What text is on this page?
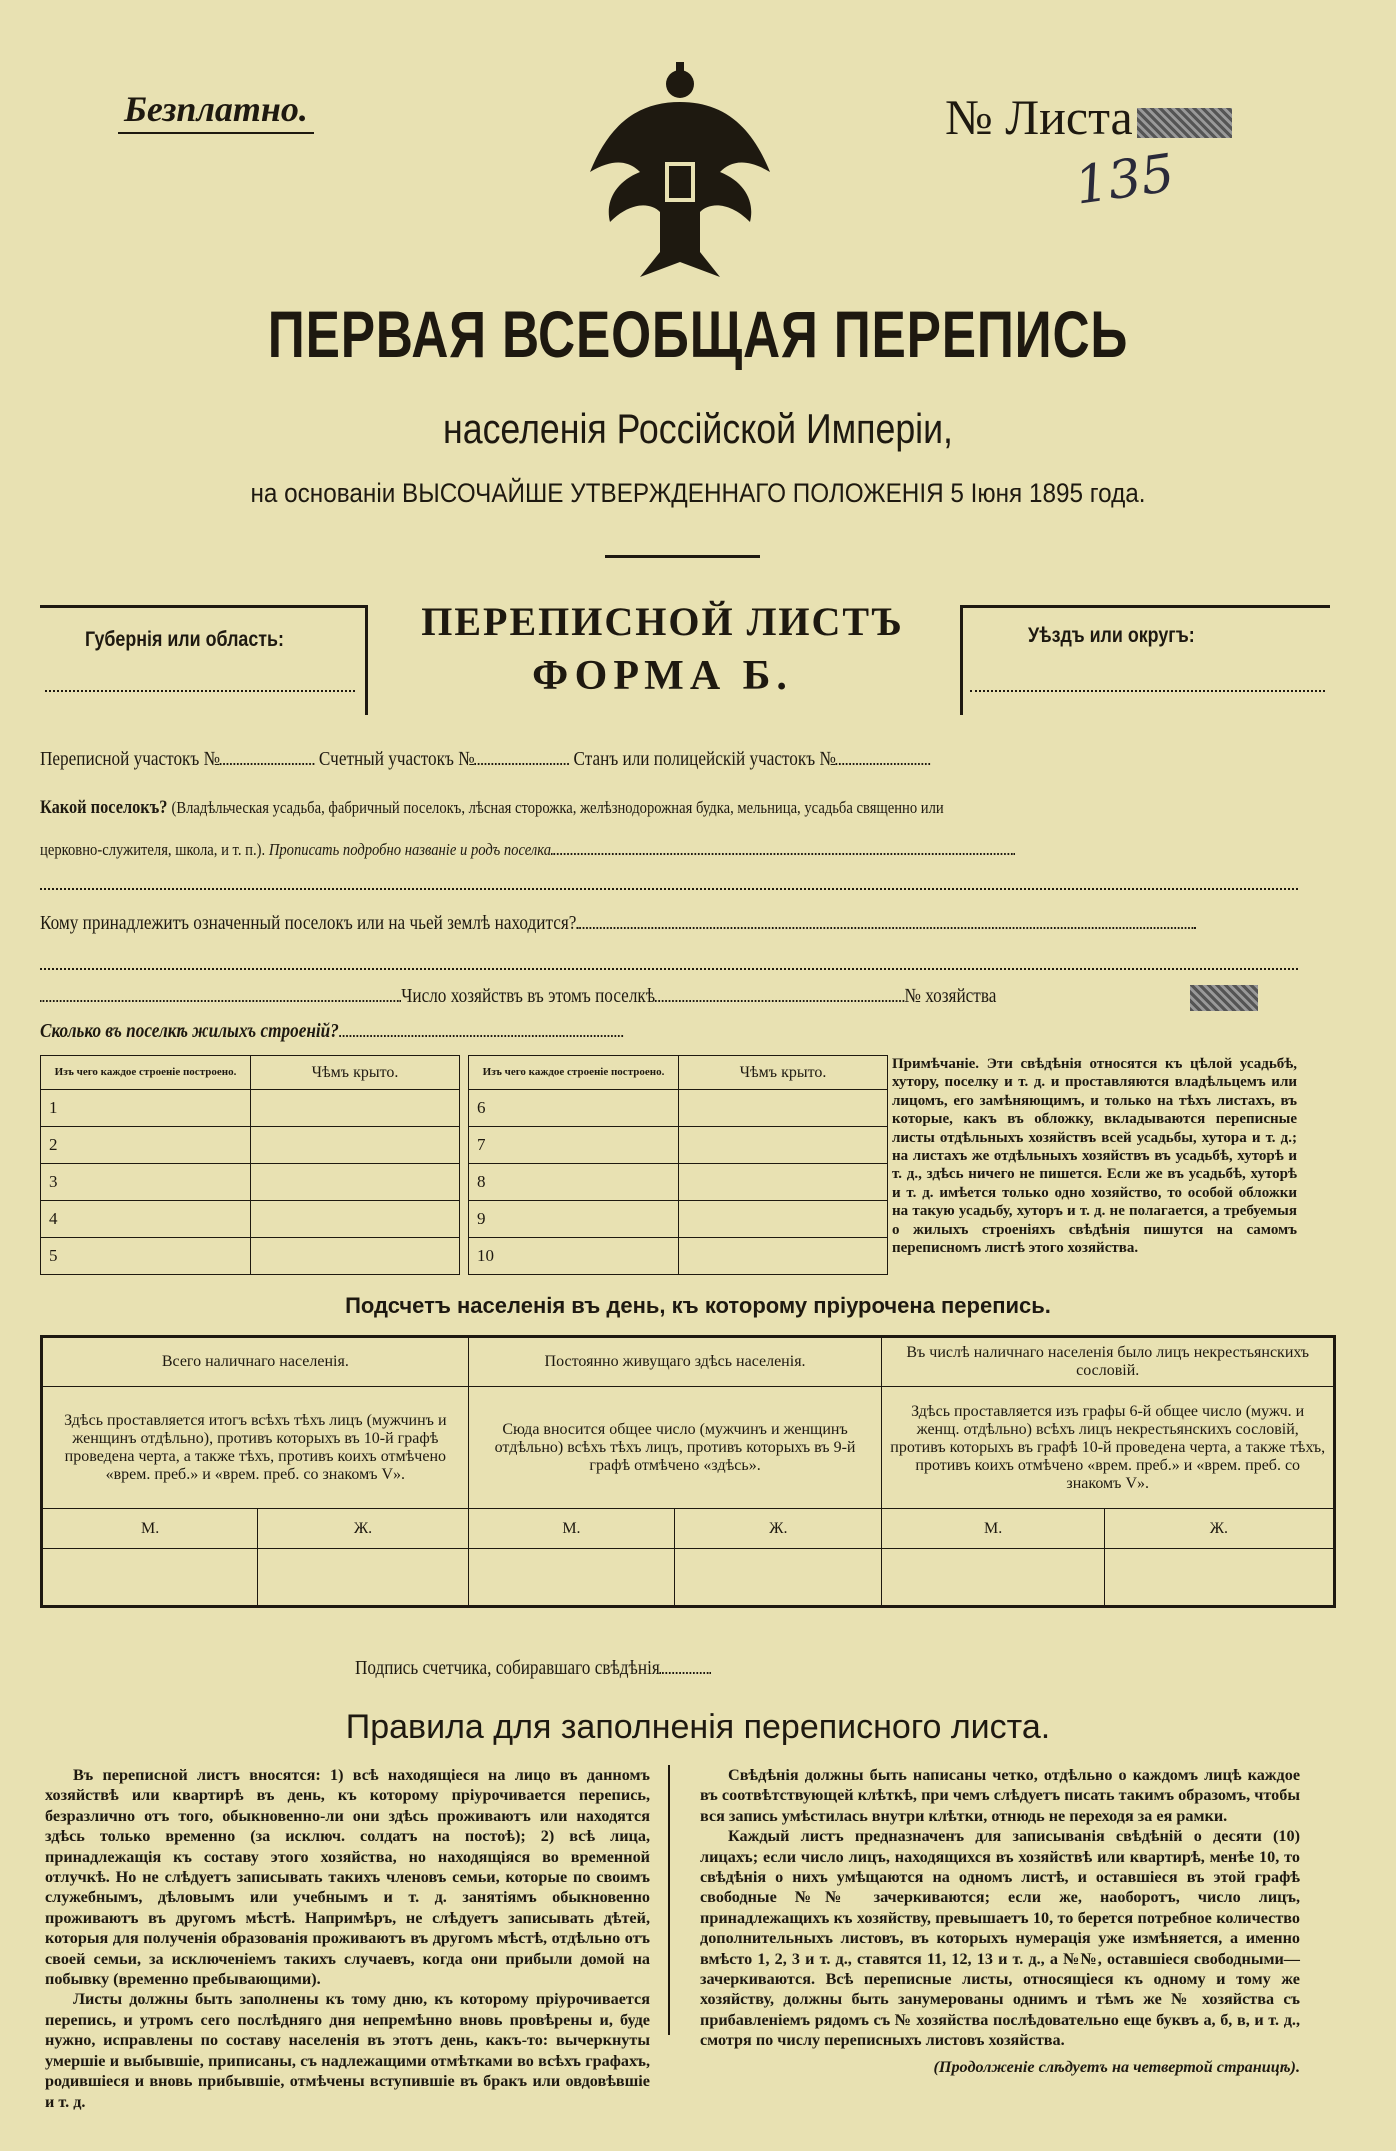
Безплатно.	№ Листа
135
ПЕРВАЯ ВСЕОБЩАЯ ПЕРЕПИСЬ
населенія Россійской Имперіи,
на основаніи ВЫСОЧАЙШЕ УТВЕРЖДЕННАГО ПОЛОЖЕНІЯ 5 Іюня 1895 года.
Губернія или область:	Уѣздъ или округъ:
ПЕРЕПИСНОЙ ЛИСТЪ
ФОРМА Б.
Переписной участокъ №	Счетный участокъ №	Станъ или полицейскій участокъ №
Какой поселокъ? (Владѣльческая усадьба, фабричный поселокъ, лѣсная сторожка, желѣзнодорожная будка, мельница, усадьба священно или
церковно-служителя, школа, и т. п.). Прописать подробно названіе и родъ поселка
Кому принадлежитъ означенный поселокъ или на чьей землѣ находится?
Число хозяйствъ въ этомъ поселкѣ	№ хозяйства
Сколько въ поселкѣ жилыхъ строеній?
Изъ чего каждое строеніе построено.	Чѣмъ крыто.
1	
2	
3	
4	
5	
Изъ чего каждое строеніе построено.	Чѣмъ крыто.
6	
7	
8	
9	
10	
Примѣчаніе. Эти свѣдѣнія относятся къ цѣлой усадьбѣ, хутору, поселку и т. д. и проставляются владѣльцемъ или лицомъ, его замѣняющимъ, и только на тѣхъ листахъ, въ которые, какъ въ обложку, вкладываются переписные листы отдѣльныхъ хозяйствъ всей усадьбы, хутора и т. д.; на листахъ же отдѣльныхъ хозяйствъ въ усадьбѣ, хуторѣ и т. д., здѣсь ничего не пишется. Если же въ усадьбѣ, хуторѣ и т. д. имѣется только одно хозяйство, то особой обложки на такую усадьбу, хуторъ и т. д. не полагается, а требуемыя о жилыхъ строеніяхъ свѣдѣнія пишутся на самомъ переписномъ листѣ этого хозяйства.
Подсчетъ населенія въ день, къ которому пріурочена перепись.
Всего наличнаго населенія.		Постоянно живущаго здѣсь населенія.		Въ числѣ наличнаго населенія было лицъ некрестьянскихъ сословій.	
Здѣсь проставляется итогъ всѣхъ тѣхъ лицъ (мужчинъ и женщинъ отдѣльно), противъ которыхъ въ 10-й графѣ проведена черта, а также тѣхъ, противъ коихъ отмѣчено «врем. преб.» и «врем. преб. со знакомъ V».		Сюда вносится общее число (мужчинъ и женщинъ отдѣльно) всѣхъ тѣхъ лицъ, противъ которыхъ въ 9-й графѣ отмѣчено «здѣсь».		Здѣсь проставляется изъ графы 6-й общее число (мужч. и женщ. отдѣльно) всѣхъ лицъ некрестьянскихъ сословій, противъ которыхъ въ графѣ 10-й проведена черта, а также тѣхъ, противъ коихъ отмѣчено «врем. преб.» и «врем. преб. со знакомъ V».	
М.	Ж.	М.	Ж.	М.	Ж.

Подпись счетчика, собиравшаго свѣдѣнія
Правила для заполненія переписного листа.

Въ переписной листъ вносятся: 1) всѣ находящіеся на лицо въ данномъ хозяйствѣ или квартирѣ въ день, къ которому пріурочивается перепись, безразлично отъ того, обыкновенно-ли они здѣсь проживаютъ или находятся здѣсь только временно (за исключ. солдатъ на постоѣ); 2) всѣ лица, принадлежащія къ составу этого хозяйства, но находящіяся во временной отлучкѣ. Но не слѣдуетъ записывать такихъ членовъ семьи, которые по своимъ служебнымъ, дѣловымъ или учебнымъ и т. д. занятіямъ обыкновенно проживаютъ въ другомъ мѣстѣ. Напримѣръ, не слѣдуетъ записывать дѣтей, которыя для полученія образованія проживаютъ въ другомъ мѣстѣ, отдѣльно отъ своей семьи, за исключеніемъ такихъ случаевъ, когда они прибыли домой на побывку (временно пребывающими).

Листы должны быть заполнены къ тому дню, къ которому пріурочивается перепись, и утромъ сего послѣдняго дня непремѣнно вновь провѣрены и, буде нужно, исправлены по составу населенія въ этотъ день, какъ-то: вычеркнуты умершіе и выбывшіе, приписаны, съ надлежащими отмѣтками во всѣхъ графахъ, родившіеся и вновь прибывшіе, отмѣчены вступившіе въ бракъ или овдовѣвшіе и т. д.

Свѣдѣнія должны быть написаны четко, отдѣльно о каждомъ лицѣ каждое въ соотвѣтствующей клѣткѣ, при чемъ слѣдуетъ писать такимъ образомъ, чтобы вся запись умѣстилась внутри клѣтки, отнюдь не переходя за ея рамки.

Каждый листъ предназначенъ для записыванія свѣдѣній о десяти (10) лицахъ; если число лицъ, находящихся въ хозяйствѣ или квартирѣ, менѣе 10, то свѣдѣнія о нихъ умѣщаются на одномъ листѣ, и оставшіеся въ этой графѣ свободные №№ зачеркиваются; если же, наоборотъ, число лицъ, принадлежащихъ къ хозяйству, превышаетъ 10, то берется потребное количество дополнительныхъ листовъ, въ которыхъ нумерація уже измѣняется, а именно вмѣсто 1, 2, 3 и т. д., ставятся 11, 12, 13 и т. д., а №№, оставшіеся свободными—зачеркиваются. Всѣ переписные листы, относящіеся къ одному и тому же хозяйству, должны быть занумерованы однимъ и тѣмъ же № хозяйства съ прибавленіемъ рядомъ съ № хозяйства послѣдовательно еще буквъ а, б, в, и т. д., смотря по числу переписныхъ листовъ хозяйства.

(Продолженіе слѣдуетъ на четвертой страницѣ).
